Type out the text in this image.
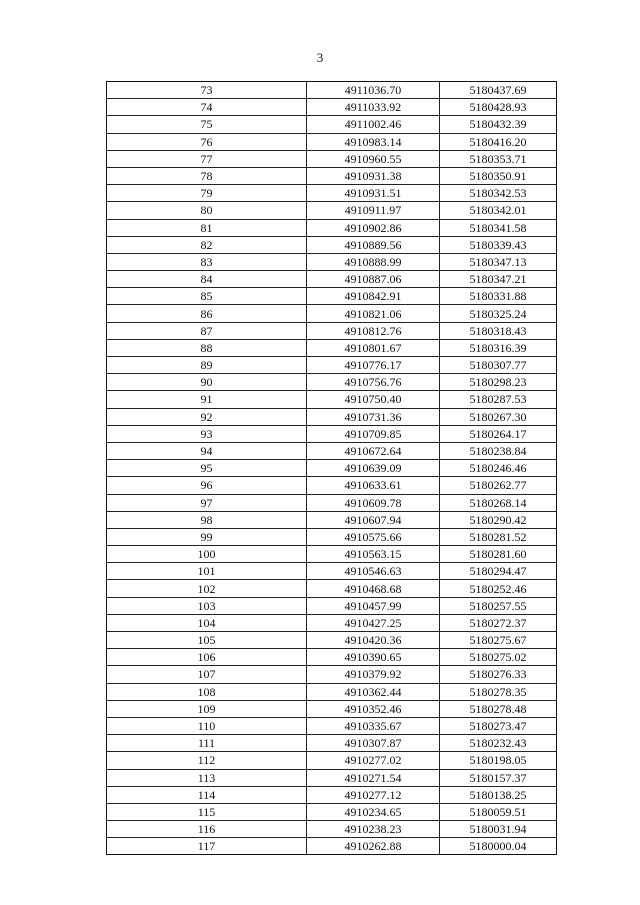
3
73	4911036.70	5180437.69
74	4911033.92	5180428.93
75	4911002.46	5180432.39
76	4910983.14	5180416.20
77	4910960.55	5180353.71
78	4910931.38	5180350.91
79	4910931.51	5180342.53
80	4910911.97	5180342.01
81	4910902.86	5180341.58
82	4910889.56	5180339.43
83	4910888.99	5180347.13
84	4910887.06	5180347.21
85	4910842.91	5180331.88
86	4910821.06	5180325.24
87	4910812.76	5180318.43
88	4910801.67	5180316.39
89	4910776.17	5180307.77
90	4910756.76	5180298.23
91	4910750.40	5180287.53
92	4910731.36	5180267.30
93	4910709.85	5180264.17
94	4910672.64	5180238.84
95	4910639.09	5180246.46
96	4910633.61	5180262.77
97	4910609.78	5180268.14
98	4910607.94	5180290.42
99	4910575.66	5180281.52
100	4910563.15	5180281.60
101	4910546.63	5180294.47
102	4910468.68	5180252.46
103	4910457.99	5180257.55
104	4910427.25	5180272.37
105	4910420.36	5180275.67
106	4910390.65	5180275.02
107	4910379.92	5180276.33
108	4910362.44	5180278.35
109	4910352.46	5180278.48
110	4910335.67	5180273.47
111	4910307.87	5180232.43
112	4910277.02	5180198.05
113	4910271.54	5180157.37
114	4910277.12	5180138.25
115	4910234.65	5180059.51
116	4910238.23	5180031.94
117	4910262.88	5180000.04
